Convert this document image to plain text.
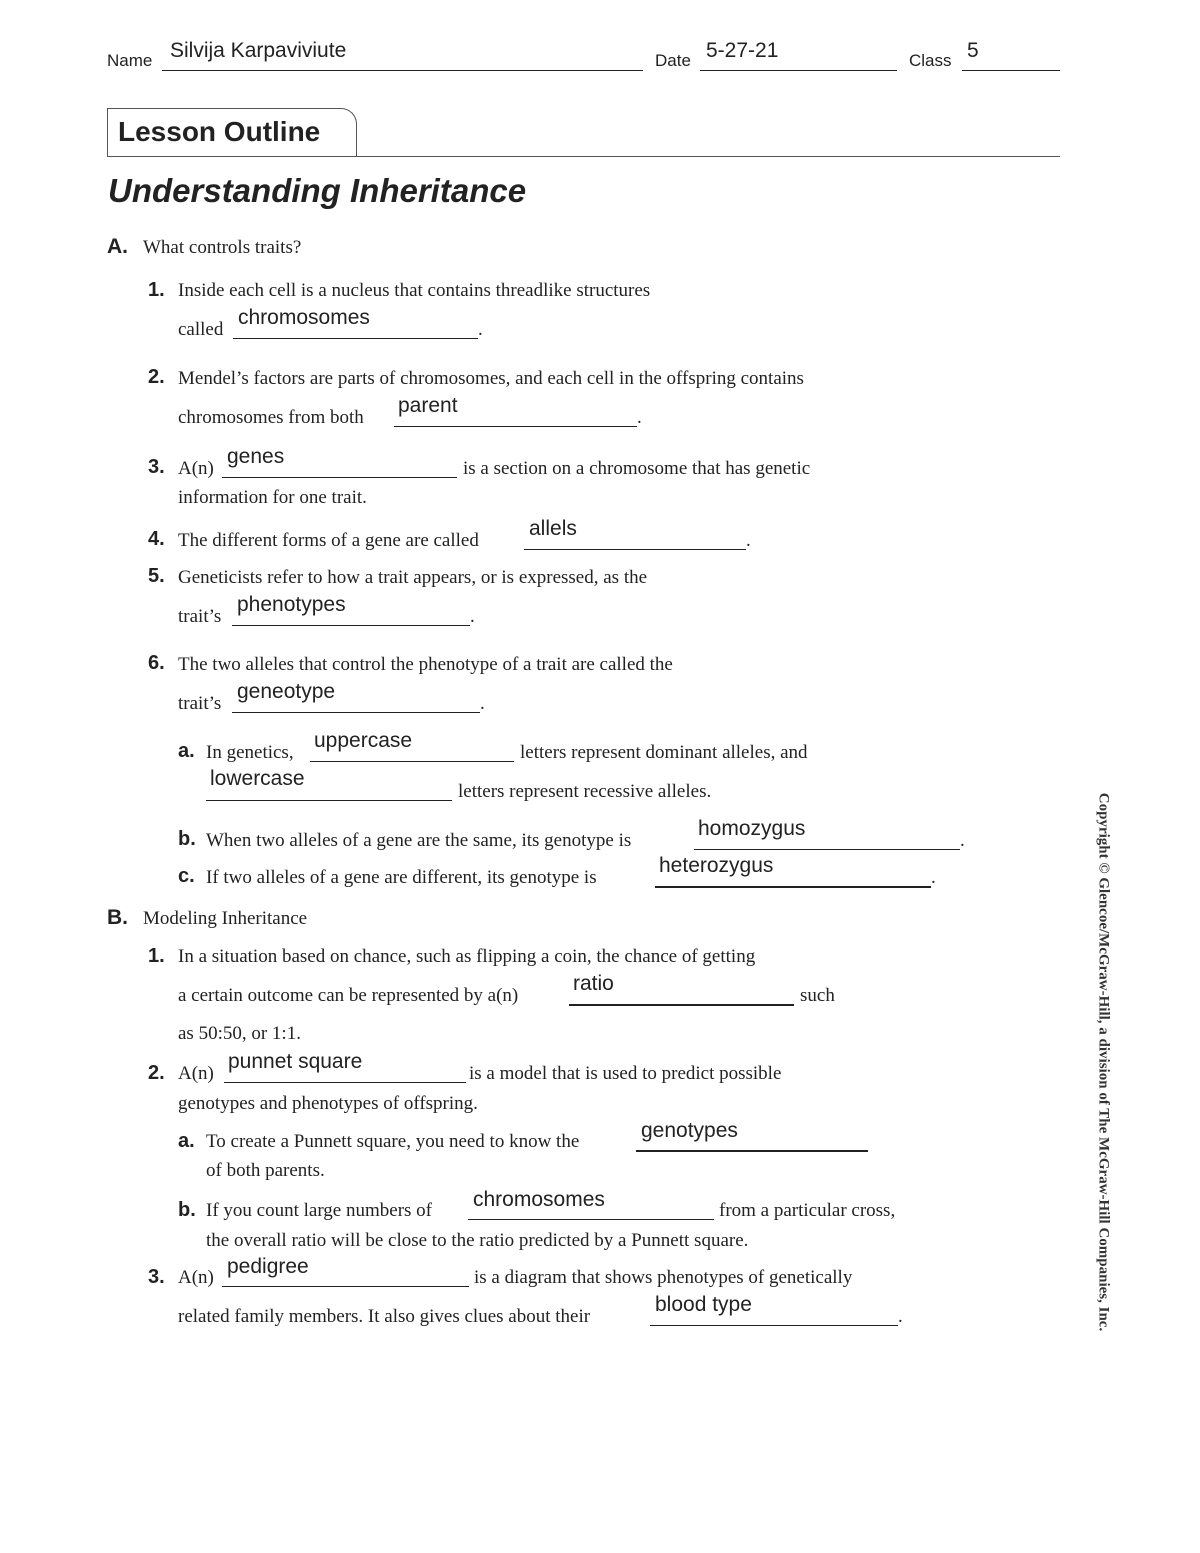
Name Silvija Karpaviviute	Date 5-27-21	Class 5
Lesson Outline
Understanding Inheritance
A. What controls traits?
1. Inside each cell is a nucleus that contains threadlike structures
called
chromosomes
.
2. Mendel’s factors are parts of chromosomes, and each cell in the offspring contains
chromosomes from both
parent
.
3. A(n)
genes
is a section on a chromosome that has genetic
information for one trait.
4. The different forms of a gene are called
allels
.
5. Geneticists refer to how a trait appears, or is expressed, as the
trait’s
phenotypes
.
6. The two alleles that control the phenotype of a trait are called the
trait’s
geneotype
.
a. In genetics,
uppercase
letters represent dominant alleles, and
lowercase
letters represent recessive alleles.
b. When two alleles of a gene are the same, its genotype is
homozygus
.
c. If two alleles of a gene are different, its genotype is
heterozygus
.
B. Modeling Inheritance
1. In a situation based on chance, such as flipping a coin, the chance of getting
a certain outcome can be represented by a(n)
ratio
such
as 50:50, or 1:1.
2. A(n)
punnet square
is a model that is used to predict possible
genotypes and phenotypes of offspring.
a. To create a Punnett square, you need to know the	genotypes
of both parents.
b. If you count large numbers of chromosomes	from a particular cross,
the overall ratio will be close to the ratio predicted by a Punnett square.
3. A(n) pedigree	is a diagram that shows phenotypes of genetically
related family members. It also gives clues about their
blood type
.	Copyright © Glencoe/McGraw-Hill, a division of The McGraw-Hill Companies, Inc.
